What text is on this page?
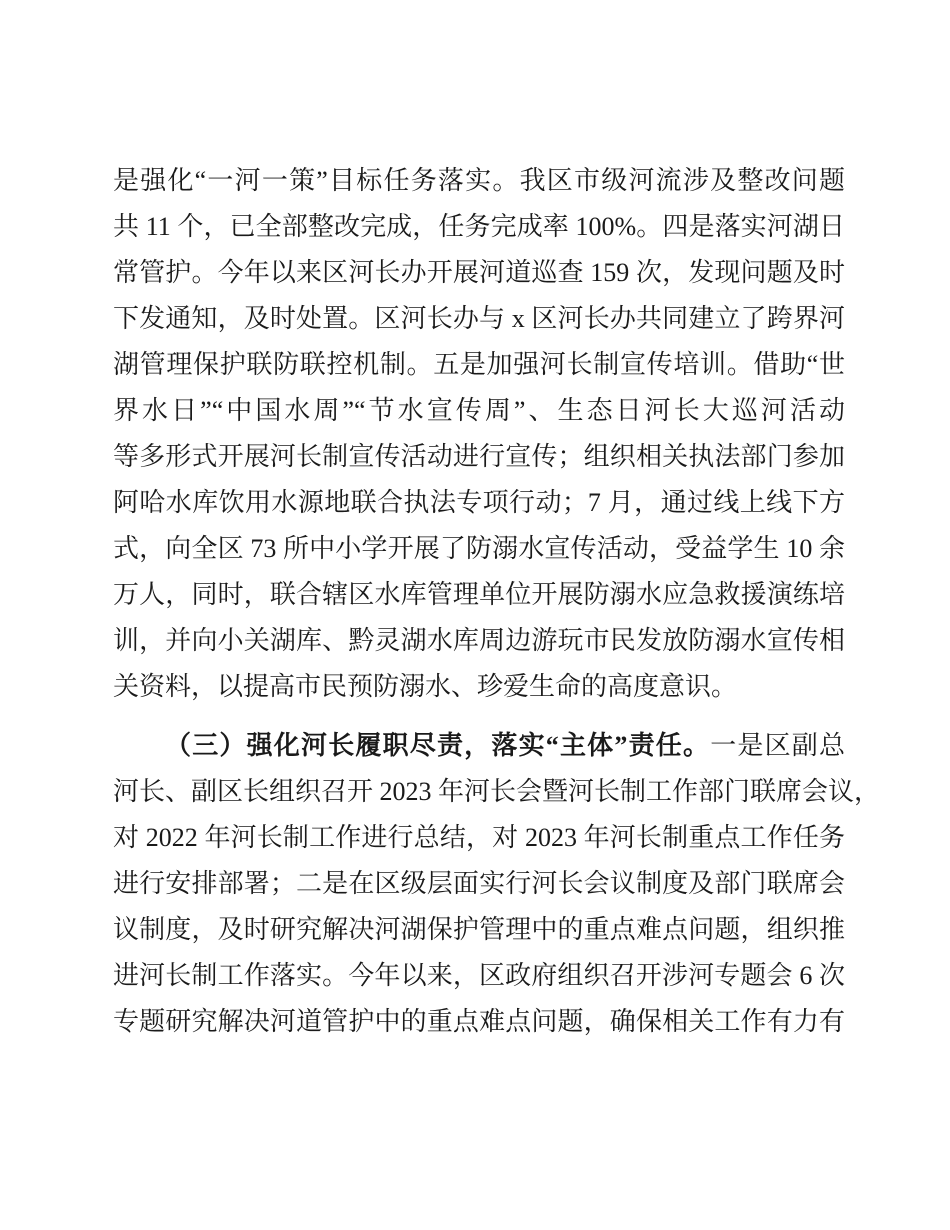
是强化“一河一策”目标任务落实。我区市级河流涉及整改问题
共 11 个，已全部整改完成，任务完成率 100%。四是落实河湖日
常管护。今年以来区河长办开展河道巡查 159 次，发现问题及时
下发通知，及时处置。区河长办与 x 区河长办共同建立了跨界河
湖管理保护联防联控机制。五是加强河长制宣传培训。借助“世
界水日”“中国水周”“节水宣传周”、生态日河长大巡河活动
等多形式开展河长制宣传活动进行宣传；组织相关执法部门参加
阿哈水库饮用水源地联合执法专项行动；7 月，通过线上线下方
式，向全区 73 所中小学开展了防溺水宣传活动，受益学生 10 余
万人，同时，联合辖区水库管理单位开展防溺水应急救援演练培
训，并向小关湖库、黔灵湖水库周边游玩市民发放防溺水宣传相
关资料，以提高市民预防溺水、珍爱生命的高度意识。
（三）强化河长履职尽责，落实“主体”责任。一是区副总
河长、副区长组织召开 2023 年河长会暨河长制工作部门联席会议，
对 2022 年河长制工作进行总结，对 2023 年河长制重点工作任务
进行安排部署；二是在区级层面实行河长会议制度及部门联席会
议制度，及时研究解决河湖保护管理中的重点难点问题，组织推
进河长制工作落实。今年以来，区政府组织召开涉河专题会 6 次
专题研究解决河道管护中的重点难点问题，确保相关工作有力有
